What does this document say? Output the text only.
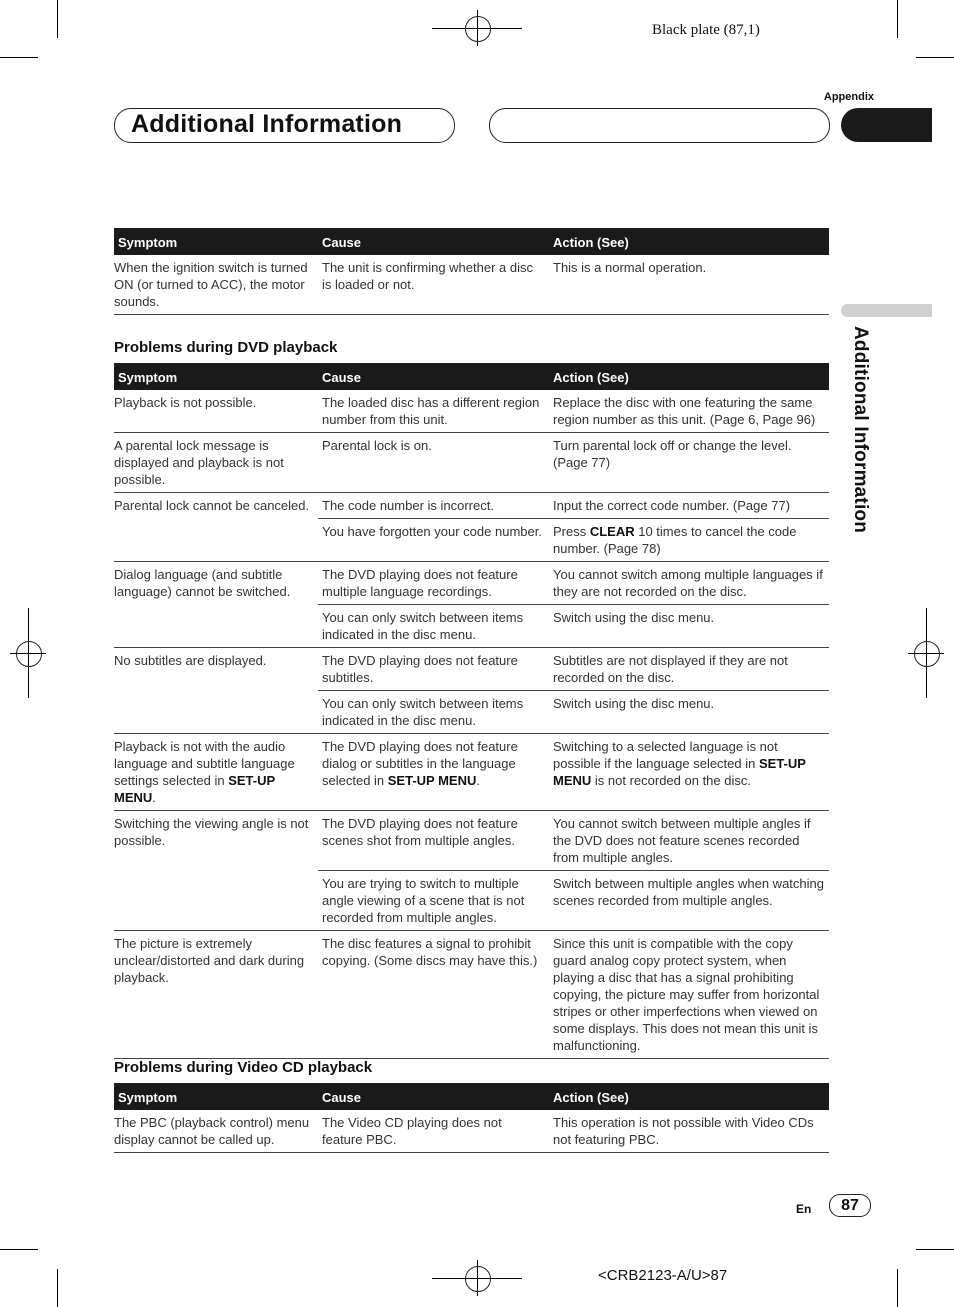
Black plate (87,1)
Appendix
Additional Information
Additional Information
Symptom	Cause	Action (See)
When the ignition switch is turned ON (or turned to ACC), the motor sounds.	The unit is confirming whether a disc is loaded or not.	This is a normal operation.
Problems during DVD playback
Symptom	Cause	Action (See)
Playback is not possible.	The loaded disc has a different region number from this unit.	Replace the disc with one featuring the same region number as this unit. (Page 6, Page 96)
A parental lock message is displayed and playback is not possible.	Parental lock is on.	Turn parental lock off or change the level. (Page 77)
Parental lock cannot be canceled.	The code number is incorrect.	Input the correct code number. (Page 77)
	You have forgotten your code number.	Press CLEAR 10 times to cancel the code number. (Page 78)
Dialog language (and subtitle language) cannot be switched.	The DVD playing does not feature multiple language recordings.	You cannot switch among multiple languages if they are not recorded on the disc.
	You can only switch between items indicated in the disc menu.	Switch using the disc menu.
No subtitles are displayed.	The DVD playing does not feature subtitles.	Subtitles are not displayed if they are not recorded on the disc.
	You can only switch between items indicated in the disc menu.	Switch using the disc menu.
Playback is not with the audio language and subtitle language settings selected in SET-UP MENU.	The DVD playing does not feature dialog or subtitles in the language selected in SET-UP MENU.	Switching to a selected language is not possible if the language selected in SET-UP MENU is not recorded on the disc.
Switching the viewing angle is not possible.	The DVD playing does not feature scenes shot from multiple angles.	You cannot switch between multiple angles if the DVD does not feature scenes recorded from multiple angles.
	You are trying to switch to multiple angle viewing of a scene that is not recorded from multiple angles.	Switch between multiple angles when watching scenes recorded from multiple angles.
The picture is extremely unclear/distorted and dark during playback.	The disc features a signal to prohibit copying. (Some discs may have this.)	Since this unit is compatible with the copy guard analog copy protect system, when playing a disc that has a signal prohibiting copying, the picture may suffer from horizontal stripes or other imperfections when viewed on some displays. This does not mean this unit is malfunctioning.
Problems during Video CD playback
Symptom	Cause	Action (See)
The PBC (playback control) menu display cannot be called up.	The Video CD playing does not feature PBC.	This operation is not possible with Video CDs not featuring PBC.
En	87
<CRB2123-A/U>87
